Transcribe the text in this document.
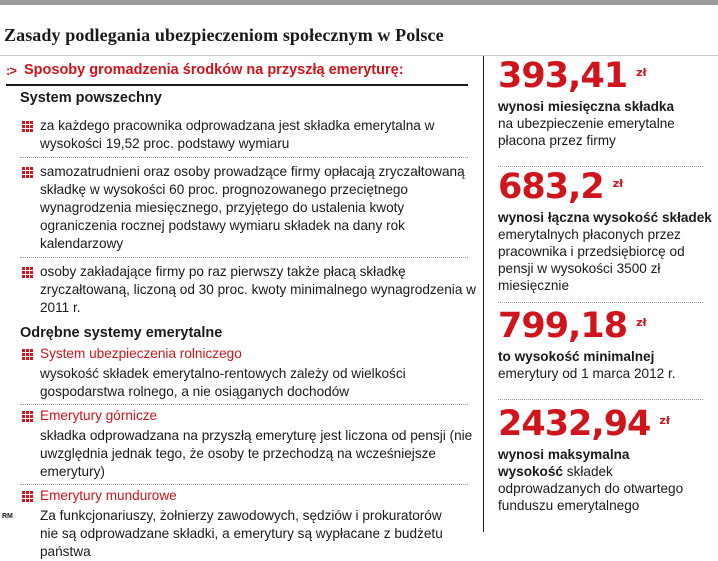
Zasady podlegania ubezpieczeniom społecznym w Polsce
:> Sposoby gromadzenia środków na przyszłą emeryturę:
System powszechny
za każdego pracownika odprowadzana jest składka emerytalna w wysokości 19,52 proc. podstawy wymiaru
samozatrudnieni oraz osoby prowadzące firmy opłacają zryczałtowaną składkę w wysokości 60 proc. prognozowanego przeciętnego wynagrodzenia miesięcznego, przyjętego do ustalenia kwoty ograniczenia rocznej podstawy wymiaru składek na dany rok kalendarzowy
osoby zakładające firmy po raz pierwszy także płacą składkę zryczałtowaną, liczoną od 30 proc. kwoty minimalnego wynagrodzenia w 2011 r.
Odrębne systemy emerytalne
System ubezpieczenia rolniczego
wysokość składek emerytalno-rentowych zależy od wielkości gospodarstwa rolnego, a nie osiąganych dochodów
Emerytury górnicze
składka odprowadzana na przyszłą emeryturę jest liczona od pensji (nie uwzględnia jednak tego, że osoby te przechodzą na wcześniejsze emerytury)
Emerytury mundurowe
Za funkcjonariuszy, żołnierzy zawodowych, sędziów i prokuratorów nie są odprowadzane składki, a emerytury są wypłacane z budżetu państwa
RM
393,41 zł
wynosi miesięczna składka
na ubezpieczenie emerytalne płacona przez firmy
683,2 zł
wynosi łączna wysokość składek emerytalnych płaconych przez pracownika i przedsiębiorcę od pensji w wysokości 3500 zł miesięcznie
799,18 zł
to wysokość minimalnej
emerytury od 1 marca 2012 r.
2432,94 zł
wynosi maksymalna wysokość składek odprowadzanych do otwartego funduszu emerytalnego
